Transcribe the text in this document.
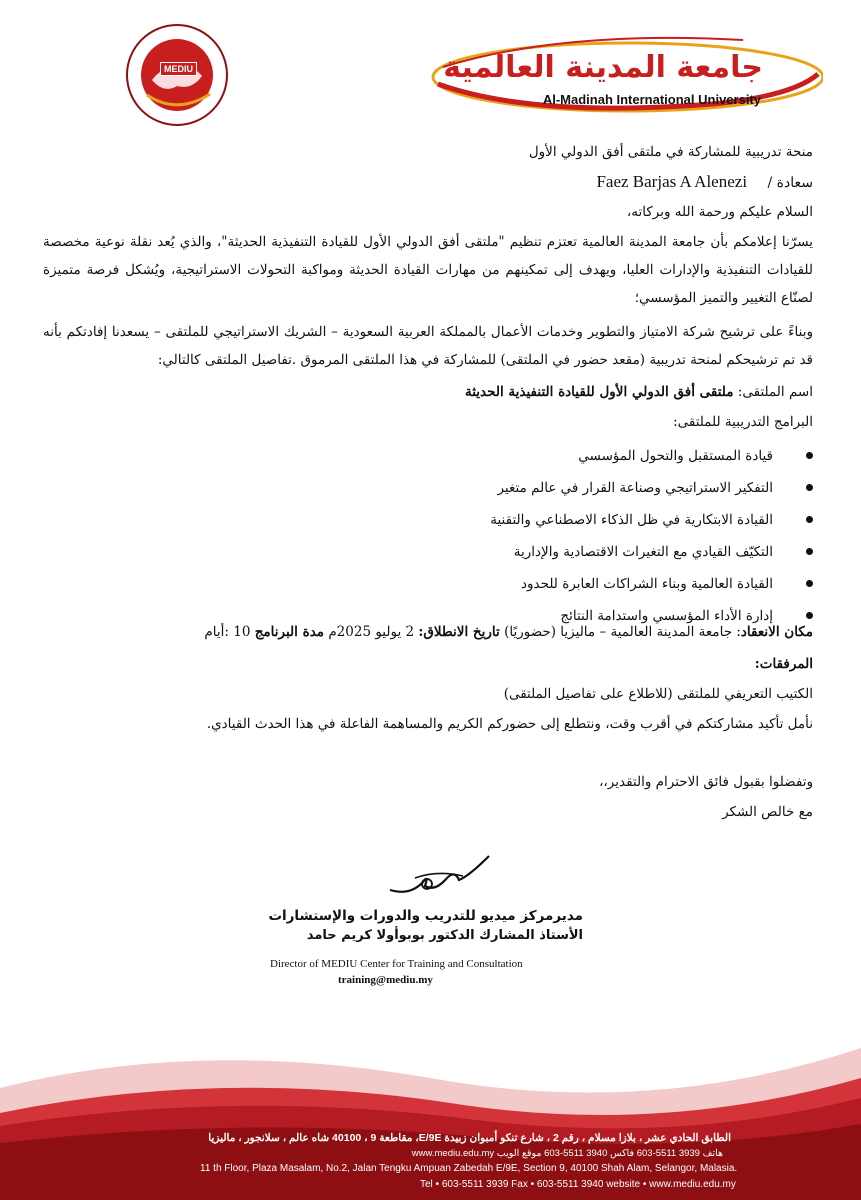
جامعة المدينة العالمية
Al-Madinah International University
MEDIU
منحة تدريبية للمشاركة في ملتقى أفق الدولي الأول
سعادة / Faez Barjas A Alenezi
السلام عليكم ورحمة الله وبركاته،
يسرّنا إعلامكم بأن جامعة المدينة العالمية تعتزم تنظيم "ملتقى أفق الدولي الأول للقيادة التنفيذية الحديثة"، والذي يُعد نقلة نوعية مخصصة للقيادات التنفيذية والإدارات العليا، ويهدف إلى تمكينهم من مهارات القيادة الحديثة ومواكبة التحولات الاستراتيجية، ويُشكل فرصة متميزة لصنّاع التغيير والتميز المؤسسي؛
وبناءً على ترشيح شركة الامتياز والتطوير وخدمات الأعمال بالمملكة العربية السعودية – الشريك الاستراتيجي للملتقى – يسعدنا إفادتكم بأنه قد تم ترشيحكم لمنحة تدريبية (مقعد حضور في الملتقى) للمشاركة في هذا الملتقى المرموق .تفاصيل الملتقى كالتالي:
اسم الملتقى: ملتقى أفق الدولي الأول للقيادة التنفيذية الحديثة
البرامج التدريبية للملتقى:
قيادة المستقبل والتحول المؤسسي
التفكير الاستراتيجي وصناعة القرار في عالم متغير
القيادة الابتكارية في ظل الذكاء الاصطناعي والتقنية
التكيّف القيادي مع التغيرات الاقتصادية والإدارية
القيادة العالمية وبناء الشراكات العابرة للحدود
إدارة الأداء المؤسسي واستدامة النتائج
مكان الانعقاد: جامعة المدينة العالمية – ماليزيا (حضوريًا) تاريخ الانطلاق: 2 يوليو 2025م مدة البرنامج 10 :أيام
المرفقات:
الكتيب التعريفي للملتقى (للاطلاع على تفاصيل الملتقى)
نأمل تأكيد مشاركتكم في أقرب وقت، ونتطلع إلى حضوركم الكريم والمساهمة الفاعلة في هذا الحدث القيادي.
وتفضلوا بقبول فائق الاحترام والتقدير،،
مع خالص الشكر
مديرمركز ميديو للتدريب والدورات والإستشارات
الأستاذ المشارك الدكتور بوبوأولا كريم حامد
Director of MEDIU Center for Training and Consultation
training@mediu.my
الطابق الحادي عشر ، بلازا مسلام ، رقم 2 ، شارع تنكو أمبوان زبيدة E/9E، مقاطعة 9 ، 40100 شاه عالم ، سلانجور ، ماليزيا
هاتف 3939 5511-603 فاكس 3940 5511-603 موقع الويب www.mediu.edu.my
11 th Floor, Plaza Masalam, No.2, Jalan Tengku Ampuan Zabedah E/9E, Section 9, 40100 Shah Alam, Selangor, Malasia.
Tel • 603-5511 3939 Fax • 603-5511 3940 website • www.mediu.edu.my
